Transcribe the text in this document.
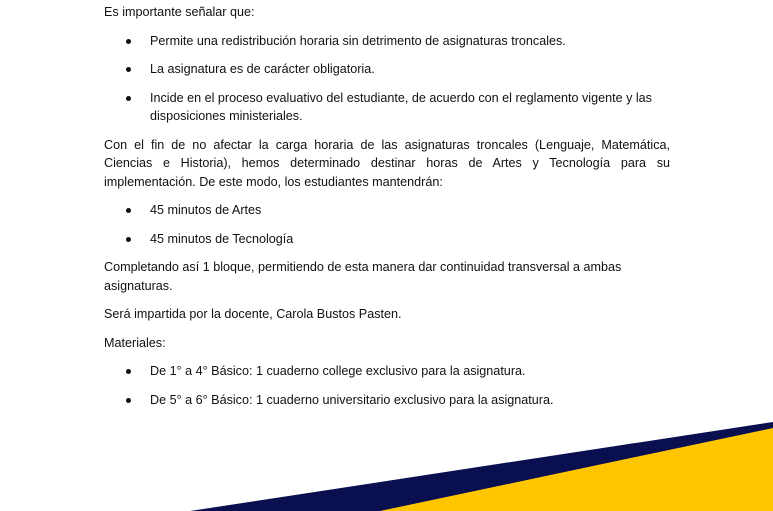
Es importante señalar que:

Permite una redistribución horaria sin detrimento de asignaturas troncales.
La asignatura es de carácter obligatoria.
Incide en el proceso evaluativo del estudiante, de acuerdo con el reglamento vigente y las disposiciones ministeriales.

Con el fin de no afectar la carga horaria de las asignaturas troncales (Lenguaje, Matemática, Ciencias e Historia), hemos determinado destinar horas de Artes y Tecnología para su implementación. De este modo, los estudiantes mantendrán:

45 minutos de Artes
45 minutos de Tecnología

Completando así 1 bloque, permitiendo de esta manera dar continuidad transversal a ambas asignaturas.

Será impartida por la docente, Carola Bustos Pasten.

Materiales:

De 1° a 4° Básico: 1 cuaderno college exclusivo para la asignatura.
De 5° a 6° Básico: 1 cuaderno universitario exclusivo para la asignatura.
